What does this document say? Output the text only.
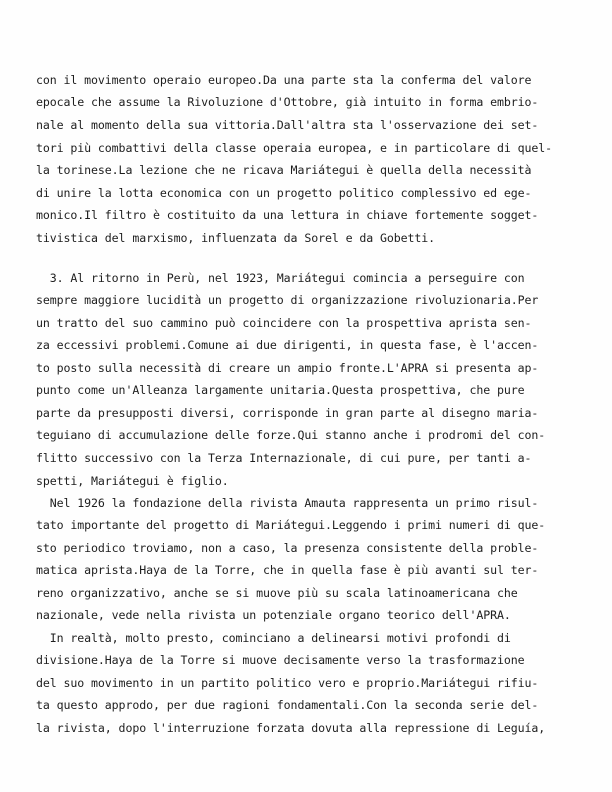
con il movimento operaio europeo.Da una parte sta la conferma del valore

epocale che assume la Rivoluzione d'Ottobre, già intuito in forma embrio-

nale al momento della sua vittoria.Dall'altra sta l'osservazione dei set-

tori più combattivi della classe operaia europea, e in particolare di quel-

la torinese.La lezione che ne ricava Mariátegui è quella della necessità

di unire la lotta economica con un progetto politico complessivo ed ege-

monico.Il filtro è costituito da una lettura in chiave fortemente sogget-

tivistica del marxismo, influenzata da Sorel e da Gobetti.

3. Al ritorno in Perù, nel 1923, Mariátegui comincia a perseguire con

sempre maggiore lucidità un progetto di organizzazione rivoluzionaria.Per

un tratto del suo cammino può coincidere con la prospettiva aprista sen-

za eccessivi problemi.Comune ai due dirigenti, in questa fase, è l'accen-

to posto sulla necessità di creare un ampio fronte.L'APRA si presenta ap-

punto come un'Alleanza largamente unitaria.Questa prospettiva, che pure

parte da presupposti diversi, corrisponde in gran parte al disegno maria-

teguiano di accumulazione delle forze.Qui stanno anche i prodromi del con-

flitto successivo con la Terza Internazionale, di cui pure, per tanti a-

spetti, Mariátegui è figlio.

Nel 1926 la fondazione della rivista Amauta rappresenta un primo risul-

tato importante del progetto di Mariátegui.Leggendo i primi numeri di que-

sto periodico troviamo, non a caso, la presenza consistente della proble-

matica aprista.Haya de la Torre, che in quella fase è più avanti sul ter-

reno organizzativo, anche se si muove più su scala latinoamericana che

nazionale, vede nella rivista un potenziale organo teorico dell'APRA.

In realtà, molto presto, cominciano a delinearsi motivi profondi di

divisione.Haya de la Torre si muove decisamente verso la trasformazione

del suo movimento in un partito politico vero e proprio.Mariátegui rifiu-

ta questo approdo, per due ragioni fondamentali.Con la seconda serie del-

la rivista, dopo l'interruzione forzata dovuta alla repressione di Leguía,
